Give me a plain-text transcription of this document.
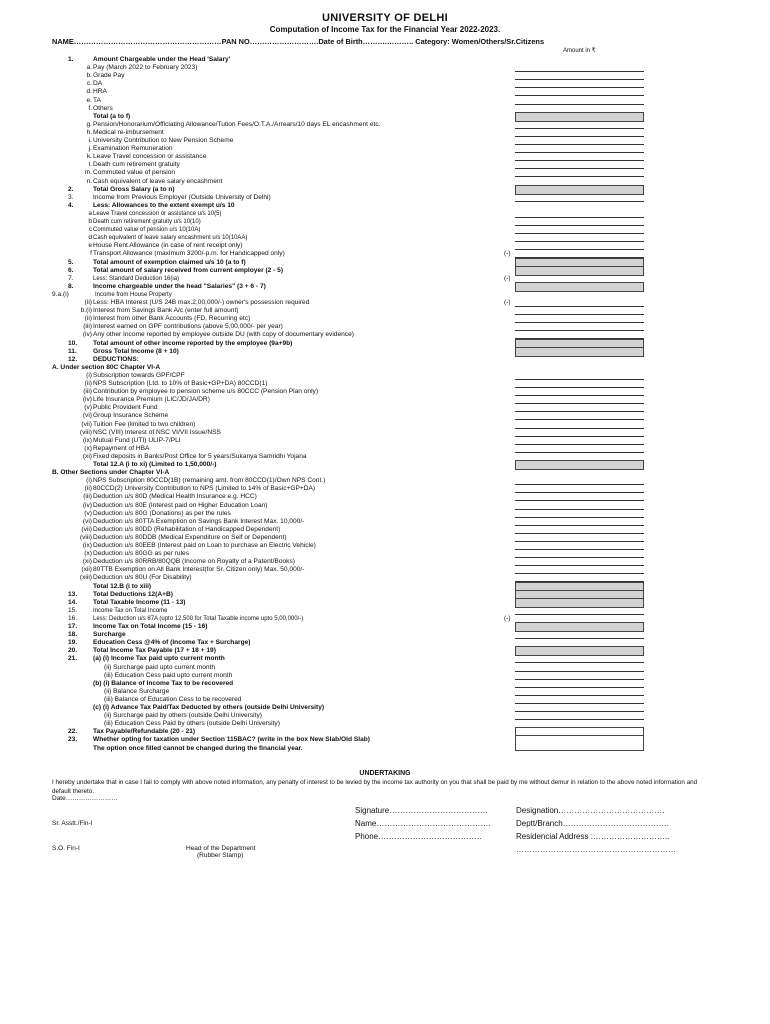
UNIVERSITY OF DELHI
Computation of Income Tax for the Financial Year 2022-2023.
NAME……………………………………………………PAN NO……………………….Date of Birth……….……….. Category: Women/Others/Sr.Citizens
Amount in ₹
1.	Amount Chargeable under the Head 'Salary'
a. Pay (March 2022 to February 2023)
b. Grade Pay
c. DA
d. HRA
e. TA
f. Others
Total (a to f)
g. Pension/Honorarium/Officiating Allowance/Tution Fees/O.T.A./Arrears/10 days EL encashment etc.
h. Medical re-imbursement
i. University Contribution to New Pension Scheme
j. Examination Remuneration
k. Leave Travel concession or assistance
l. Death cum retirement gratuity
m. Commuted value of pension
n. Cash equivalent of leave salary encashment
2.	Total Gross Salary (a to n)
3.	Income from Previous Employer (Outside University of Delhi)
4.	Less: Allowances to the extent exempt u/s 10
a Leave Travel concession or assistance u/s 10(5)
b Death cum retirement gratuity u/s 10(10)
c Commuted value of pension u/s 10(10A)
d Cash equivalent of leave salary encashment u/s 10(10AA)
e House Rent Allowance (in case of rent receipt only)
f Transport Allowance (maximum 3200/-p.m. for Handicapped only)	(-)
5.	Total amount of exemption claimed u/s 10 (a to f)
6.	Total amount of salary received from current employer (2 - 5)
7.	Less: Standard Deduction 16(ia)	(-)
8.	Income chargeable under the head "Salaries" (3 + 6 - 7)
9.a.(i)	Income from House Property
(ii) Less: HBA Interest (U/S 24B max.2,00,000/-) owner's possession required	(-)
b.(i) Interest from Savings Bank A/c (enter full amount)
(ii) Interest from other Bank Accounts (FD, Recurring etc)
(iii) Interest earned on GPF contributions (above 5,00,000/- per year)
(iv) Any other Income reported by employee outside DU (with copy of documentary evidence)
10. Total amount of other income reported by the employee (9a+9b)
11. Gross Total Income (8 + 10)
12. DEDUCTIONS:
A. Under section 80C Chapter VI-A
(i) Subscription towards GPF/CPF
(ii) NPS Subscription (Ltd. to 10% of Basic+GP+DA) 80CCD(1)
(iii) Contribution by employee to pension scheme u/s 80CCC (Pension Plan only)
(iv) Life Insurance Premium (LIC/JD/JA/DR)
(v) Public Provident Fund
(vi) Group Insurance Scheme
(vii) Tuition Fee (limited to two children)
(viii) NSC (VIII) Interest of NSC VI/VII Issue/NSS
(ix) Mutual Fund (UTI) ULIP-7/PLI
(x) Repayment of HBA
(xi) Fixed deposits in Banks/Post Office for 5 years/Sukanya Samridhi Yojana
Total 12.A (i to xi) (Limited to 1,50,000/-)
B. Other Sections under Chapter VI-A
(i) NPS Subscription 80CCD(1B) (remaining amt. from 80CCD(1)/Own NPS Cont.)
(ii) 80CCD(2) University Contribution to NPS (Limited to 14% of Basic+GP+DA)
(iii) Deduction u/s 80D (Medical Health Insurance e.g. HCC)
(iv) Deduction u/s 80E (Interest paid on Higher Education Loan)
(v) Deduction u/s 80G (Donations) as per the rules
(vi) Deduction u/s 80TTA Exemption on Savings Bank Interest Max. 10,000/-
(vii) Deduction u/s 80DD (Rehabilitation of Handicapped Dependent)
(viii) Deduction u/s 80DDB (Medical Expenditure on Self or Dependent)
(ix) Deduction u/s 80EEB (Interest paid on Loan to purchase an Electric Vehicle)
(x) Deduction u/s 80GG as per rules
(xi) Deduction u/s 80RRB/80QQB (Income on Royalty of a Patent/Books)
(xii) 80TTB Exemption on All Bank Interest(for Sr. Citizen only) Max. 50,000/-
(xiii) Deduction u/s 80U (For Disability)
Total 12.B (i to xiii)
13. Total Deductions 12(A+B)
14. Total Taxable Income (11 - 13)
15.	Income Tax on Total Income
16.	Less: Deduction u/s 87A (upto 12,500 for Total Taxable income upto 5,00,000/-)	(-)
17. Income Tax on Total Income (15 - 16)
18. Surcharge
19. Education Cess @4% of (Income Tax + Surcharge)
20. Total Income Tax Payable (17 + 18 + 19)
21. (a) (i) Income Tax paid upto current month
(ii) Surcharge paid upto current month
(iii) Education Cess paid upto current month
(b) (i) Balance of Income Tax to be recovered
(ii) Balance Surcharge
(iii) Balance of Education Cess to be recovered
(c) (i) Advance Tax Paid/Tax Deducted by others (outside Delhi University)
(ii) Surcharge paid by others (outside Delhi University)
(iii) Education Cess Paid by others (outside Delhi University)
22. Tax Payable/Refundable (20 - 21)
23. Whether opting for taxation under Section 115BAC? (write in the box New Slab/Old Slab)
The option once filled cannot be changed during the financial year.
UNDERTAKING
I hereby undertake that in case I fail to comply with above noted information, any penalty of interest to be levied by the income tax authority on you that shall be paid by me without demur in relation to the above noted information and default thereto.
Date……………………
Signature……………………………….	Designation………………………………….
Name…………………………………….	Deptt/Branch………………………………….
Phone…………………………………	Residencial Address :………………………..
……………………………………………………
Sr. Asstt./Fin-I
S.O. Fin-I	Head of the Department
(Rubber Stamp)
